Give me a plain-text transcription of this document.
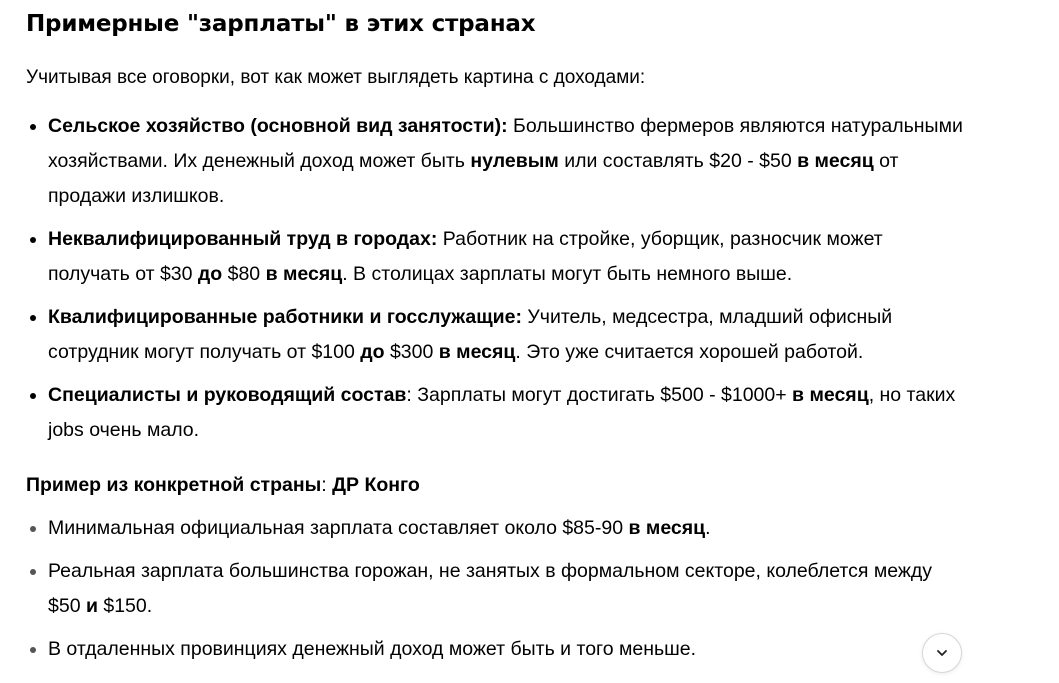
Примерные "зарплаты" в этих странах

Учитывая все оговорки, вот как может выглядеть картина с доходами:

Сельское хозяйство (основной вид занятости): Большинство фермеров являются натуральными хозяйствами. Их денежный доход может быть нулевым или составлять $20 - $50 в месяц от продажи излишков.
Неквалифицированный труд в городах: Работник на стройке, уборщик, разносчик может получать от $30 до $80 в месяц. В столицах зарплаты могут быть немного выше.
Квалифицированные работники и госслужащие: Учитель, медсестра, младший офисный сотрудник могут получать от $100 до $300 в месяц. Это уже считается хорошей работой.
Специалисты и руководящий состав: Зарплаты могут достигать $500 - $1000+ в месяц, но таких jobs очень мало.

Пример из конкретной страны: ДР Конго

Минимальная официальная зарплата составляет около $85-90 в месяц.
Реальная зарплата большинства горожан, не занятых в формальном секторе, колеблется между $50 и $150.
В отдаленных провинциях денежный доход может быть и того меньше.
